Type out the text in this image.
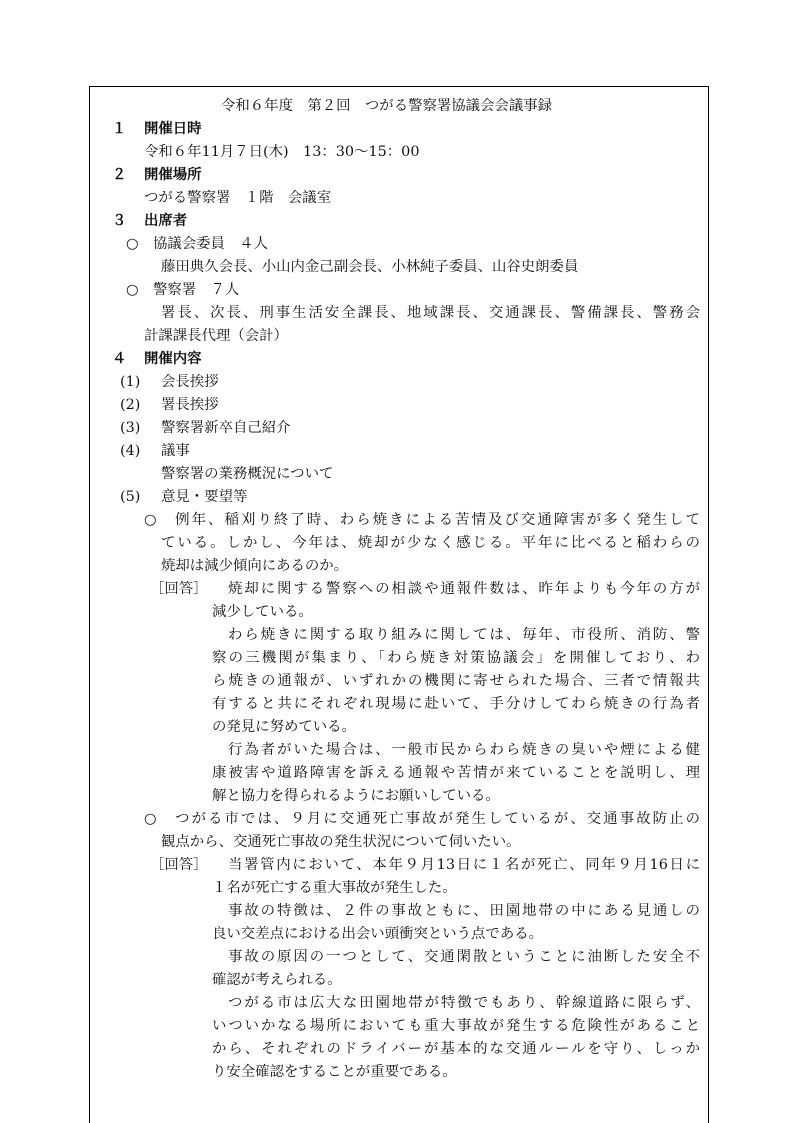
令和６年度　第２回　つがる警察署協議会会議事録
１ 開催日時
令和６年11月７日(木)　13：30～15：00
２ 開催場所
つがる警察署　１階　会議室
３ 出席者
○　協議会委員　４人
藤田典久会長、小山内金己副会長、小林純子委員、山谷史朗委員
○　警察署　７人
署長、次長、刑事生活安全課長、地域課長、交通課長、警備課長、警務会
計課課長代理（会計）
４ 開催内容
(1) 会長挨拶
(2) 署長挨拶
(3) 警察署新卒自己紹介
(4) 議事
警察署の業務概況について
(5) 意見・要望等
○　例年、稲刈り終了時、わら焼きによる苦情及び交通障害が多く発生して
ている。しかし、今年は、焼却が少なく感じる。平年に比べると稲わらの
焼却は減少傾向にあるのか。
［回答］ 焼却に関する警察への相談や通報件数は、昨年よりも今年の方が
減少している。
わら焼きに関する取り組みに関しては、毎年、市役所、消防、警
察の三機関が集まり、「わら焼き対策協議会」を開催しており、わ
ら焼きの通報が、いずれかの機関に寄せられた場合、三者で情報共
有すると共にそれぞれ現場に赴いて、手分けしてわら焼きの行為者
の発見に努めている。
行為者がいた場合は、一般市民からわら焼きの臭いや煙による健
康被害や道路障害を訴える通報や苦情が来ていることを説明し、理
解と協力を得られるようにお願いしている。
○　つがる市では、９月に交通死亡事故が発生しているが、交通事故防止の
観点から、交通死亡事故の発生状況について伺いたい。
［回答］ 当署管内において、本年９月13日に１名が死亡、同年９月16日に
１名が死亡する重大事故が発生した。
事故の特徴は、２件の事故ともに、田園地帯の中にある見通しの
良い交差点における出会い頭衝突という点である。
事故の原因の一つとして、交通閑散ということに油断した安全不
確認が考えられる。
つがる市は広大な田園地帯が特徴でもあり、幹線道路に限らず、
いついかなる場所においても重大事故が発生する危険性があること
から、それぞれのドライバーが基本的な交通ルールを守り、しっか
り安全確認をすることが重要である。
